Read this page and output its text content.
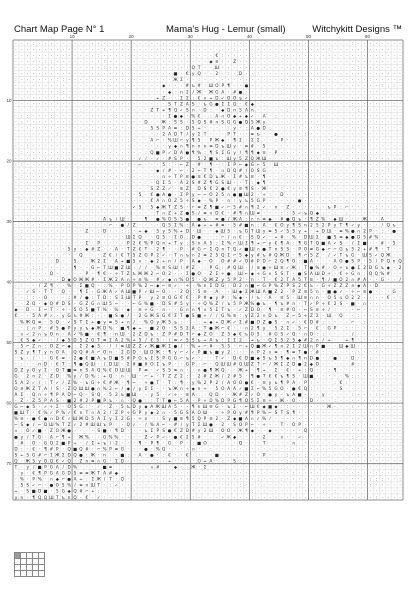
Chart Map Page N° 1	Mama's Hug - Lemur (small)	Witchykitt Designs ™
10	20	30	40	50	60
10
20
30
40
50
60
70
· · · : · · · · · · · · · · · · · · · · · · · · · · · · · · · · · · · · : · · · · · · · · · · · · · · · · · · · · : · · · · · · · ·
· · · · · · · · · · · · · · · : · · · · · · · · · · · · : · · · · · · · · : · · · · · · · · · · · · · · · : · · · · · · · · · · · ·
· · · · · · · · · · · · · · : · · · · · · · · · · · · · · · · · · · € : · · · · : · · · : · · · · · · · · · · · · · · · · · · · · ·
· · · · · : : · · · · · · · : : · · · · · · : · : · · · · · · · · ◆ ≡ : · Z · · · · · · · · · · · · · · · · · · · · · · · · · · · ·
· · · · · · · · · · · · · · · : · · · · · : · · : · · · · · Q T · · Ш · · · · · · · · · · · · · · · · : · · · : · · : · · · · · · ·
· · · · · · · · · · · · · · · · · · · · · · · · · · · ■ · € y Q · · 2 · : · D · · : · · · · · · · · · · · · · · · · · · · · · · · ·
: · · · · · · : : · · · · · · · · · · · · · · · · · · Ж Σ · · : · · · · · · · · · · · · · · · · · · · · · · · · · · · · : · · · · ·
· · · · · · · · · · · · · · · · · · · · · · · · · ◆ · · · # ъ # : Ш O P ¶ · · ● · · · · : · · · · · · · · · · : · · · · · · : : : ·
: · · · · · · · : · · · · · · : · · · · · · · · · · ◆ · n 2 / Ж · Ж G A · # ● · · · · · · : · · · · · · : · · · · · · · · · · · · ·
· : · · · · · : · · · · · · · · · · · · · · · · ÷ Z · · Σ Σ : € ∩ ÷ D ✓ O O ъ ✓ · · · · · · · · · · · · · · · · · · · · · · · · · ·
· · · · · · · · · · · · · · · · · · · · · · · · · · S T Z A S · ъ G ● Σ Σ Q · € ◆ · : · · · · · · · · · · · · · · : · : · · · · : ·
· · · · · · · · · · · : · · · · · · · · · · · Z T ÷ ¶ Q ✓ S ∩ · D : · ◆ D n 5 A n · · · · · : · · · · : · · · · · · : · · · · · · ·
· : : · · · : · · · · · · · · · · : · · · · · · · · Σ ● ◆ · % € · : A ∩ O ◆ ÷ ◆ ✓ · A · : · · · · · · · · · · · · · · · · · · · · ·
· : · · · · · · · · · · · · · · · · · · · · D · · Ж : S S · 5 Q S # n S G G ● Q 5 Ж y · · · · · · · · · · · · · · · · · · · · · · :
· · · · · : · · · · · · · : · · · · · · · · · 5 S P A ≡ : D 5 ÷ · · · · · y · : A ● D : · · · · · · · : · · · · · · · · · · · · · ·
· · · · · · · : · · · · : · · · · : · · · · · · · 2 A D T / y Σ T · · · P T · · ≡ ъ · · ● · · · · : · · · · : · · · · · · · · · · ·
· · · · · · · · · · · : · · · · · · · : · · · A ⌐ · % Ш ⌐ y ¶ 5 · P Ж ◆ · ¶ Σ · Σ Σ · · : P · · : · · · · · : · · · · · · · · · · ·
· · : · · · · · · · · · · · · · · · · · · · · · · · y ◆ ∩ ¶ n n n ≡ D ъ Ш y · ≡ # · 5 · · : · · · · · · · · · · · : · · · · · · · ·
· : · · · · · · · · · · · · · · · · · · · · : Q ■ P ✓ D A ● ¶ % : ¶ S Σ G y / ¶ ¶ ◆ ≡ · P · · · · · · · : · : · · · · · · · · · · ·
· · · · · · · · · · · · · · · · · · · · · ✓ / · ✓ · # S P · · 5 2 ■ ъ : Ш y 5 Z Q Ж Ш · · · · · · · · · · : · : · · · · : · · · · ·
: : · · · · · · · · · · · · · · · · · : · ⌐ · · · 5 : · ⌐ Z · # : ¶ · : Σ P ⌐ ◆ G ⌐ 5 : Ш : · · · · · · · · · · · : · · · · · : · ·
: · · · · · · · · · · · · · · · · · : · · · · · ◆ / # · ⌐ · 2 ⌐ T ¶ · ∩ D Q # / O S G · · · · · · · · · · : : · · · · · : · · : · ·
· : · · · · · · · · · · : · · · · · · · · · · · · n ÷ T P ≡ ● ≡ € D ъ Ж · Σ # ъ ≡ · ¶ · · : · · · · · · · · · · · · · · · · · · · ·
· · · · · · · · · · · · · · · · · : · : · · : · Q Σ 5 · A 2 S # Z ¶ G S Ш · · T : ◆ ¶ · · · · · · · : · · · · · · · · · · · · · · ·
· · · · · · · · · · · · · · · · · · · · · · · S Z Z ✓ · ≡ Z · D S € 2 ● € y ≡ ¶ S · Ж · · : · · · · · : · · · · · · · · : · · · · ·
· · · · · · · · · · · · · · : · · · · · · 5 · € ● A ● · Σ P y ⌐ ⌐ O 2 5 ∩ ● ■ Ш 2 · ÷ : · D · · · · · · · · · : · · · : · · · · · ·
· : · · · · · · · · · · · · · · · · · · · · · € A ∩ O Z 5 ÷ S ◆ · % P · n : y ъ 5 G P · · · · · ● · · · · · · · · · · · · · · · · ·
· · · · · · · : · · · · · · · · · · · · ✓ 5 · 5 ◆ Ж T Z S · ⌐ ≡ Z ¶ ■ ✓ ⌐ 5 # ∩ ¶ 2 ✓ · n · Z · · · · · · ъ P : ⌐ · · · · : · · · ·
· · : · · · · : · · · · · · · · · · · · · · · · T ∩ Z ÷ Z ● S / ≡ ∩ D € · # ¶ ∩ Ш ≡ · · · : : 5 ✓ ъ Q ◆ : · : · : · · · · · · · · ·
· · : · : · · · · · · · · · · A ъ / Ш · · · ¶ · ● % O S 5 ● · ● ъ · ≡ ● / Ж A : ∩ ∩ ≡ ◆ · # ● Q ъ · ¶ Z % · ◆ Ш · · · Ж · · A · · ·
· · · · : · · · · : : · · · · · ⌐ · ● / Z · · · · Q 5 Σ % : A ◆ ÷ ÷ # ≡ · 5 # ■ n : A · € O y ¶ S n 2 5 2 P y T ¶ ✓ y · · · / Q ъ ·
· : · · · · · · · · · · Z · : D · · : : · ÷ ◆ · 5 y 5 % ÷ D · Ш · · ◆ Ш 5 · ъ G T Ш y ≡ 5 ✓ 5 5 y ÷ · ÷ D Ш · ≡ % ● ∩ 2 P · : · ● ·
· : · · · · · · · · · · · · · · · · · Ш Σ Q · · Q 5 · Σ O : D ● · · : ⌐ / ∩ € · S Q ✓ · ÷ # · % · D Ш Σ · ■ S ≡ ◆ ● D 5 # % · · · ·
: · · · · · · · · · · · Σ · P · · · · P 2 € % P Q n ÷ T y : S n A 5 : Σ % ⌐ Ш Σ ¶ ÷ ⌐ y € ¶ A : ¶ G T Q ■ A ✓ S · / Σ ■ · · # · 5 ·
· · · : · · · · · 5 y : ◆ # Z · · A · T Z € T · 2 ¶ · · P · # G ⌐ Σ Q n T Q ✓ ■ Ш ∩ ● T n S S · P O ≡ G ◆ ⌐ ⌐ G ъ 5 2 ÷ # ¶ · T · ·
· · : · · · · · · · · Q · · · Z € / € T 5 Z G P 2 ✓ · T ∩ ъ ∩ 2 ≡ 2 5 Q Σ ⌐ 5 ◆ y # ъ # Q Ж D · ¶ ⌐ 5 Z · / ✓ T ъ G · Ш S ✓ Q Ж · ·
· · · · · · : D · · 5 · · Ж 2 Σ · A ÷ ■ 5 ∩ : ◆ 2 ÷ n / P · A ◆ · O · O # # ✓ O # P D ⌐ 2 Q ¶ O : ■ A · · · A O ● S P · 5 / P Q n Q
· · · : : · · · · · ¶ · · G ⌐ T Ш ■ Z Ш · / / · % ≡ S Ш / # Z · : P G : # Q Ш · / ≡ ● ÷ Ш ≡ ✓ Ж : T ● % # · O ÷ ъ ● Σ 2 D G ъ ◆ · 2
· · · · · · Q · · : · · P · ¶ € · ÷ T Z ъ Ж Ж 2 ⌐ O 2 · · Σ ● O · Z Σ ÷ ● · Ш ⌐ ◆ ÷ G ∩ 5 S T · ● S A Ш D ÷ · € ÷ G n : Q Q % # · ·
· · · · · · · · D ◆ O Ж Ж # · Σ Ж 2 A ∩ ÷ ≡ % · # ✓ ◆ ∩ % O 5 · Q Ж Z y 5 P 2 · n · T · € 2 T A 5 T ≡ · ¶ / ■ O 2 ∩ # A · · G · · /
· : · · / Z ¶ · · % : Σ ■ Q · : % · P O P % 2 ⌐ ◆ ⌐ ≡ ✓ · ÷ · % n Σ D G : D 2 ∩ ■ ⌐ G P % Z P S 2 € ъ · G ÷ Z Z Z n ◆ A · D · · · ·
· · ✓ S · T T · Q · · ¶ Σ · G Ж A ✓ A Ш ■ P ✓ Ш ⌐ O : · 2 Q : 5 ≡ · A · · Ш ◆ Σ Ж Ш A ■ Z 2 · P Z ≡ 5 n · ■ ● ✓ · ÷ ⌐ ≡ ● · · · G ·
· · : : · O · · · : # / ● : T D : S Σ Ш T P · y 2 ≡ O G € € · P # ◆ y # : % ◆ · / ъ · A · ≡ 5 · Ш ≡ ∩ n · O 5 ∩ O 2 2 · · · · € · :
· · Z Q · ◆ Q # D S · G Z G ∩ Ш 5 ⌐ · · ⌐ G % ■ · D S # 5 y · ÷ Q % Z / ъ 5 P Ж % ● ъ · ¶ ъ # n · T ✓ P ÷ € 2 S · ■ · ∩ · · · · · :
◆ · D · Σ ⌐ T · ÷ · 5 O 5 ■ T % · % · ◆ · ≡ ÷ G · n · · G ∩ ∩ ¶ ∩ 5 Σ T ъ · ✓ Z D O : ¶ · ≡ # O · ⌐ S ≡ ÷ / : · · · ⌐ · · · · · · ·
€ · · 5 A # ✓ · y G ъ # Ж : · · ■ S ● / · 2 G Ж S G € Σ T ● S ■ ÷ / / G % ≡ : y Z 2 ∩ D ъ · Z ⌐ 5 ÷ Z 2 · Ш · Q · · : · · · · · · ·
· % Ж Q ≡ · 5 Q · ✓ S T Σ ÷ ● y ≡ 5 ÷ ∩ / · % O y Ж 5 ъ : · · : ÷ ◆ ÷ D Ж ✓ Σ # ■ O Z ● S · ∩ ✓ : € D # : : · · · ⌐ · : · · · · · ·
· · / ∩ P · # 5 ● P y y ъ ◆ Ж D % · ■ ¶ ◆ ÷ · ■ 2 O · S S Σ A : T ● Ж ⌐ € · · ∩ 2 ¶ y · 5 2 Σ · 5 ⌐ · € · G P · : · · · · · : · · ·
· ∩ ✓ 2 ∩ ъ O n · A ✓ % ■ · € ¶ · n Ш · 2 Z D ъ : Z P # D T ⌐ ◆ Z O · Z 5 ◆ € ъ O 5 · # G S ✓ Q · ∩ O : : · · · · / · · · · · · · ·
· € S ◆ ✓ · · / ◆ 5 D 5 Z G T ≡ Σ A 2 % ÷ 5 / € 5 · / ≡ ✓ 5 S ъ ÷ A ъ : Σ Σ 2 · ÷ ъ · Q Σ 5 2 5 ◆ # 2 ∩ / ÷ · · ÷ ¶ · · · : · · · ·
· 5 ⌐ Z ∩ : O Z ⌐ ◆ : Σ 2 ◆ 5 · / / ≡ Ш Z Z ✓ Ж ■ Ж Σ ● / · % ÷ ⌐ # · 5 5 · ⌐ ÷ Q ■ Ж ✓ ¶ n 2 Σ 2 Ш ∩ P ■ · · Ш ◆ Ш · · · : · · · ·
S Z y ¶ T y n O A · Q Q # A ⌐ O n · 2 G D · Ш D Ж : ¶ y ⌐ ✓ ✓ P ■ ъ ■ y 2 : · · ∩ P 2 ∩ ≡ : ¶ ≡ T ● : # : · · · · · · · · · · · · ·
· ъ · / · · G € ≡ · 2 ● € ■ A ъ D ■ S # P G ъ Σ S P G G ⌐ ъ ✓ · · · T ✓ · D € D ■ ◆ S ъ 5 ¶ ◆ ∩ ¶ n D ● · · ● · · D · · : · · · · ·
· : · · n D · € T : ¶ ● Q Ш · / D Ш · Σ # ■ # O Σ ъ P · · G P · ⌐ · Q Ш Ш # Q Ш Z T ⌐ / Ж Σ Z D ● 2 ◆ O · · · : · # : · · · · · : ·
D Z y O y Σ · Q T ■ ≡ n S A Q % € O Ш Ш · P ≡ · ✓ S 5 ≡ ∩ · · ∩ ● ¶ Ж Q · · Ж ÷ · ¶ ÷ · Σ · € · ÷ : Q · · : ¶ · · · · · · · · : · ·
G · 2 n 2 · Z D · % y / D % : ÷ Q · ∩ · Ш · ⌐ ÷ · T Z Z 2 : · 2 # Z Ж / 2 # 5 · ¶ ● T € € ъ ¶ S · Ш ■ · · · · · % : · · · · · · · ·
5 A 2 ✓ / : T ✓ / Z % · ъ G ÷ € # Ж · ¶ ⌐ · ÷ ● T · T : ¶ · y % 2 P 2 / A O O ● € · ≡ y ъ ¶ P A · P : · · · : € : · · · · · · · · :
O ≡ Ж Z T A / S · Z Q Ш Ш ● ∩ % 2 ⌐ / ◆ / y Σ Σ · · ъ Ж n ÷ ◆ n ÷ · 5 O A A ✓ ■ Σ ⌐ % 5 G O · ● € Q : · · · · S · · · · · · · · · ·
A Σ · Q n ÷ ¶ P A D ⌐ Q · S Q · 5 2 ъ ■ Ш · · y 5 · ✓ ÷ · ≡ A : : Q D · · Ж # Z ✓ O : ● y · ъ A ■ · · · y · · · · : · · · : · : · ·
· Z · Z 5 P A S · ■ 2 # 2 P ■ P ъ · ∩ · Q ● : : T T ● ⌐ 5 A · P ÷ D % D P G ¶ Q 5 Σ ≡ ÷ · Ж · O · · D · · · : · · · · · · · · · : ·
G ⌐ ◆ 5 · ✓ ÷ Σ · O 5 G : · ✓ · Z · 5 ъ D y ◆ A Ж Ш A 5 · · ¶ n Ш ≡ G · ъ Σ · ⌐ Ш € ◆ ■ ◆ : : · · : · · · Ж · · · : · · · · · · · ·
■ Ш T · € % ✓ P % ✓ € n T ∩ A 2 / Z P ÷ G P y ◆ 2 ∩ · 5 G S A O Ш · · ÷ P O y # ¶ P % ⌐ S T S ¶ · · · · · · · · : · · · · · · · · ·
% ≡ · ● € ● ∩ D € ✓ Ш Ж D 5 A Σ y Σ 2 G · ÷ n · : S y ■ ≡ ¶ 5 Q P ≡ 2 · Z ◆ ■ A ∩ ✓ % / · · · · · · · · · · · · · · · · · · · · · ·
⌐ S ◆ / ⌐ D Ш % T Z ✓ 2 # Ш Ш ъ P : · Q ✓ · / % A ⌐ · # / y T Σ Ш ● · 2 · S O P ⌐ · ÷ · · T · O P · · · · · · · · · · · · · · · · ·
∩ : O ✓ ■ · Z O Ж ● · · · · S ■ · ¶ D · · · ъ Σ P S ● € Z D # y 2 Ш · O O · Ж ¶ ◆ · · ◆ · · · · · Q · · · · · · · · · · · · · · · ·
● y / T G · A ⌐ ¶ ÷ · Ж % · · G % % · · · · Z ✓ P ✓ · ● € 2 5 # · : · ✓ Ж ◆ · · · · 2 · · ∩ · · ✓ · · · · · · · · : · · · · · · · ·
· # · O · G Q 2 ■ P ÷ · / Σ ÷ ъ / 2 · · · ¶ · P ¶ · G · P · : ■ O · · · · · Q · · · T · · · · n · · · · · · : · · · · · · · · · · :
D : · € · ¶ # P · Q ■ Q # · ⌐ % P ≡ G · · · ● · % Q · · · · ∩ · · : · · · · · · · · · · : · · · · · · · · · · · · · : · · · : · · ·
S ÷ 5 G # ⌐ Σ Ж Σ D Q ● · Ж · n · · ■ : · A · ● · : € · · € · · · · ■ · · · · · · · P · · · : : · : · · · : · · · · : · · · · · · :
Q · Ж 5 y O Q € ✓ Q : Z n ≡ ∩ G · Σ D · · : · · : · ÷ · · · · O ÷ A · : · S : · · · · · · · : · · · · · · · · : · · · · · · · · · ·
T · y / ■ P G A / D % · · · · ■ ≡ · · · · · · ∩ # · · ◆ · · Ж · Σ · · · · · · · · · · · · : · · · · · · · · · · : · · · · · · · : ·
· y · € ¶ P G A G D 5 ≡ ≡ Ж T A # ◆ · · · · : · · · · · · · · · · · · · · · · · · · · · · · · : · · · · · · · · · · : · · : · · · ·
· % · P % · ∩ ◆ ⌐ ● A ÷ : Σ Ж / T · Q · · · · · · · · · · · · · · · · · · · · · · : · · · : · · · · · · · · · · · · · · : : : · · :
· 5 S ✓ ⌐ · ● O 5 % / ≡ n Ш T · : ✓ · · · · : · · · : · · · · · · · · · · · : · · · : · · · · · : · · · · · · · · · · · : · · · · ·
÷ · S ■ D ■ · 5 G ◆ Q # ⌐ ÷ : · · · · · · · · · · · · · · · · · · · · · · · · · : · : · : · · · · · · · : · : · · · · · · · · · · ·
y n · ¶ Q Q Ш T ъ n Q · € · ✓ : · · · · : · · · · · · · : · : · · · · · · · · · : · · · · · · · · · · · · · · · · · · · · : · · · ·
